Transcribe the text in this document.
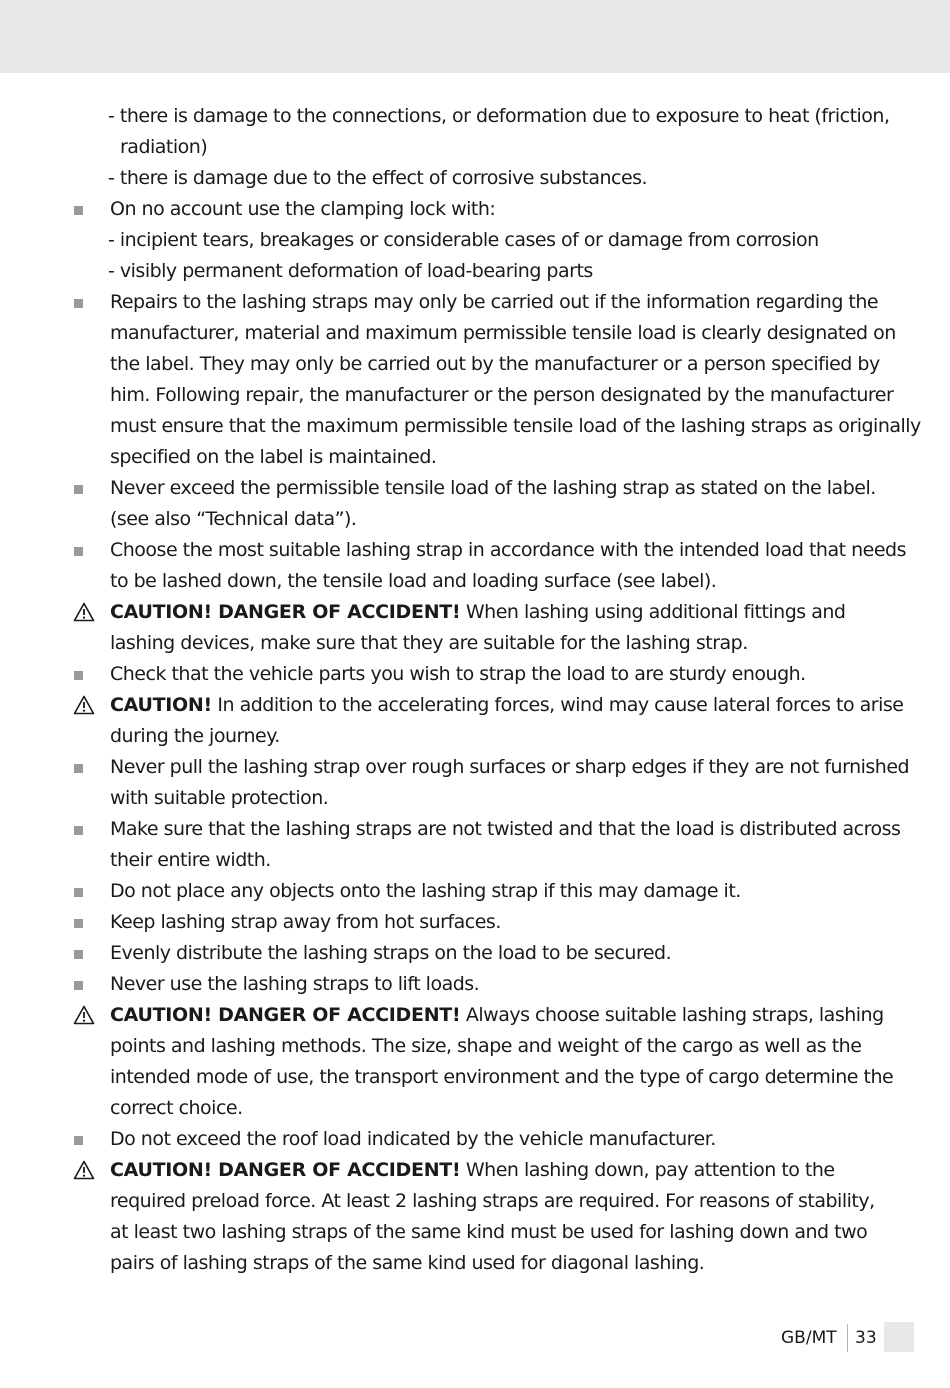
- there is damage to the connections, or deformation due to exposure to heat (friction,
radiation)
- there is damage due to the effect of corrosive substances.
On no account use the clamping lock with:
- incipient tears, breakages or considerable cases of or damage from corrosion
- visibly permanent deformation of load-bearing parts
Repairs to the lashing straps may only be carried out if the information regarding the
manufacturer, material and maximum permissible tensile load is clearly designated on
the label. They may only be carried out by the manufacturer or a person specified by
him. Following repair, the manufacturer or the person designated by the manufacturer
must ensure that the maximum permissible tensile load of the lashing straps as originally
specified on the label is maintained.
Never exceed the permissible tensile load of the lashing strap as stated on the label.
(see also “Technical data”).
Choose the most suitable lashing strap in accordance with the intended load that needs
to be lashed down, the tensile load and loading surface (see label).
CAUTION! DANGER OF ACCIDENT! When lashing using additional fittings and
lashing devices, make sure that they are suitable for the lashing strap.
Check that the vehicle parts you wish to strap the load to are sturdy enough.
CAUTION! In addition to the accelerating forces, wind may cause lateral forces to arise
during the journey.
Never pull the lashing strap over rough surfaces or sharp edges if they are not furnished
with suitable protection.
Make sure that the lashing straps are not twisted and that the load is distributed across
their entire width.
Do not place any objects onto the lashing strap if this may damage it.
Keep lashing strap away from hot surfaces.
Evenly distribute the lashing straps on the load to be secured.
Never use the lashing straps to lift loads.
CAUTION! DANGER OF ACCIDENT! Always choose suitable lashing straps, lashing
points and lashing methods. The size, shape and weight of the cargo as well as the
intended mode of use, the transport environment and the type of cargo determine the
correct choice.
Do not exceed the roof load indicated by the vehicle manufacturer.
CAUTION! DANGER OF ACCIDENT! When lashing down, pay attention to the
required preload force. At least 2 lashing straps are required. For reasons of stability,
at least two lashing straps of the same kind must be used for lashing down and two
pairs of lashing straps of the same kind used for diagonal lashing.
GB/MT 33
